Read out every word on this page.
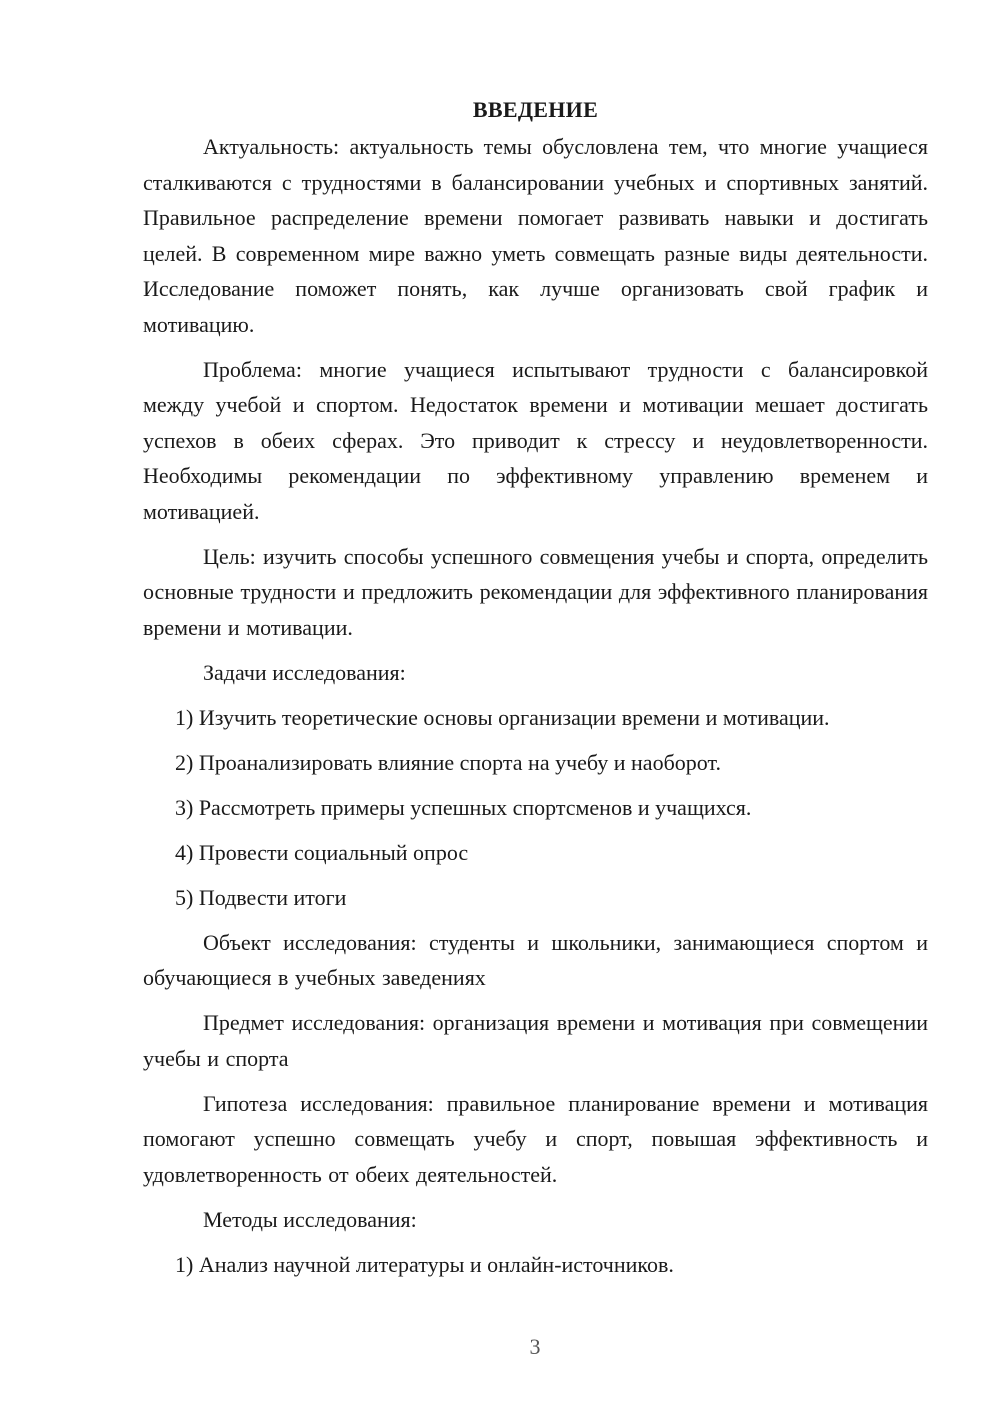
ВВЕДЕНИЕ

Актуальность: актуальность темы обусловлена тем, что многие учащиеся сталкиваются с трудностями в балансировании учебных и спортивных занятий. Правильное распределение времени помогает развивать навыки и достигать целей. В современном мире важно уметь совмещать разные виды деятельности. Исследование поможет понять, как лучше организовать свой график и мотивацию.

Проблема: многие учащиеся испытывают трудности с балансировкой между учебой и спортом. Недостаток времени и мотивации мешает достигать успехов в обеих сферах. Это приводит к стрессу и неудовлетворенности. Необходимы рекомендации по эффективному управлению временем и мотивацией.

Цель: изучить способы успешного совмещения учебы и спорта, определить основные трудности и предложить рекомендации для эффективного планирования времени и мотивации.

Задачи исследования:

1) Изучить теоретические основы организации времени и мотивации.

2) Проанализировать влияние спорта на учебу и наоборот.

3) Рассмотреть примеры успешных спортсменов и учащихся.

4) Провести социальный опрос

5) Подвести итоги

Объект исследования: студенты и школьники, занимающиеся спортом и обучающиеся в учебных заведениях

Предмет исследования: организация времени и мотивация при совмещении учебы и спорта

Гипотеза исследования: правильное планирование времени и мотивация помогают успешно совмещать учебу и спорт, повышая эффективность и удовлетворенность от обеих деятельностей.

Методы исследования:

1) Анализ научной литературы и онлайн-источников.

3
